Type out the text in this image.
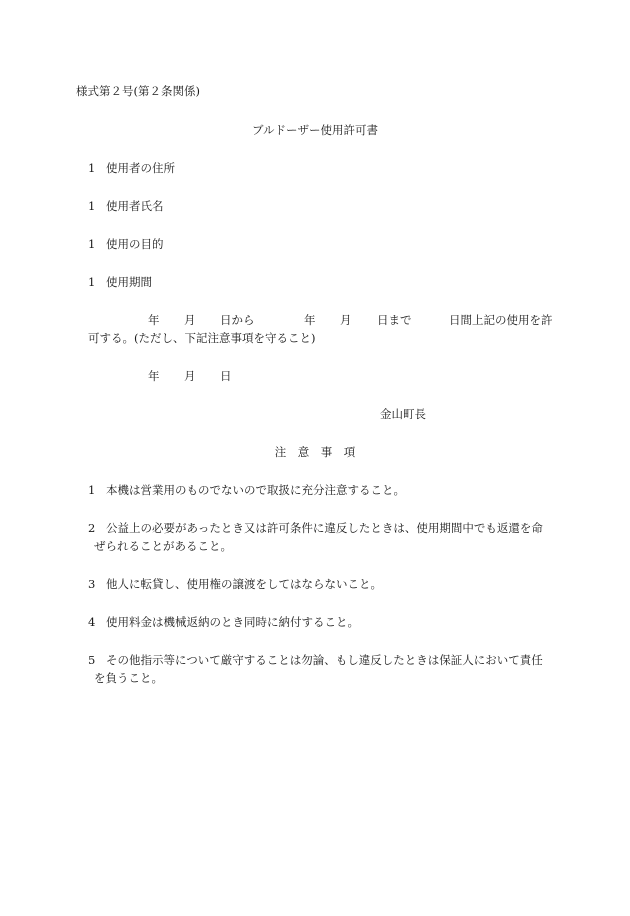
様式第２号(第２条関係)
ブルドーザー使用許可書
1 使用者の住所
1 使用者氏名
1 使用の目的
1 使用期間
年 月 日から	年 月 日まで	日間上記の使用を許
可する。(ただし、下記注意事項を守ること)
年 月 日
金山町長
注　意　事　項
1 本機は営業用のものでないので取扱に充分注意すること。
2 公益上の必要があったとき又は許可条件に違反したときは、使用期間中でも返還を命
ぜられることがあること。
3 他人に転貸し、使用権の譲渡をしてはならないこと。
4 使用料金は機械返納のとき同時に納付すること。
5 その他指示等について厳守することは勿論、もし違反したときは保証人において責任
を負うこと。
